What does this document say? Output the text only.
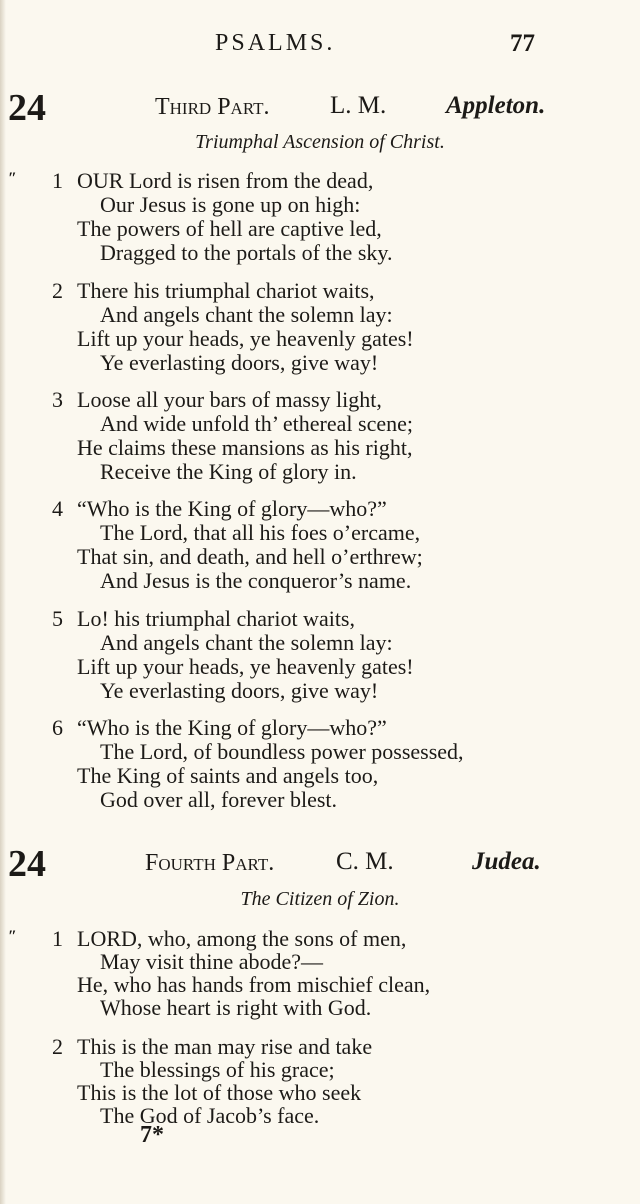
PSALMS.	77
24	Third Part. L. M. Appleton.
Triumphal Ascension of Christ.
″ 1 OUR Lord is risen from the dead,
Our Jesus is gone up on high:
The powers of hell are captive led,
Dragged to the portals of the sky.
2 There his triumphal chariot waits,
And angels chant the solemn lay:
Lift up your heads, ye heavenly gates!
Ye everlasting doors, give way!
3 Loose all your bars of massy light,
And wide unfold th’ ethereal scene;
He claims these mansions as his right,
Receive the King of glory in.
4 “Who is the King of glory—who?”
The Lord, that all his foes o’ercame,
That sin, and death, and hell o’erthrew;
And Jesus is the conqueror’s name.
5 Lo! his triumphal chariot waits,
And angels chant the solemn lay:
Lift up your heads, ye heavenly gates!
Ye everlasting doors, give way!
6 “Who is the King of glory—who?”
The Lord, of boundless power possessed,
The King of saints and angels too,
God over all, forever blest.
24	Fourth Part. C. M.	Judea.
The Citizen of Zion.
″ 1 LORD, who, among the sons of men,
May visit thine abode?—
He, who has hands from mischief clean,
Whose heart is right with God.
2 This is the man may rise and take
The blessings of his grace;
This is the lot of those who seek
The God of Jacob’s face.
7*
